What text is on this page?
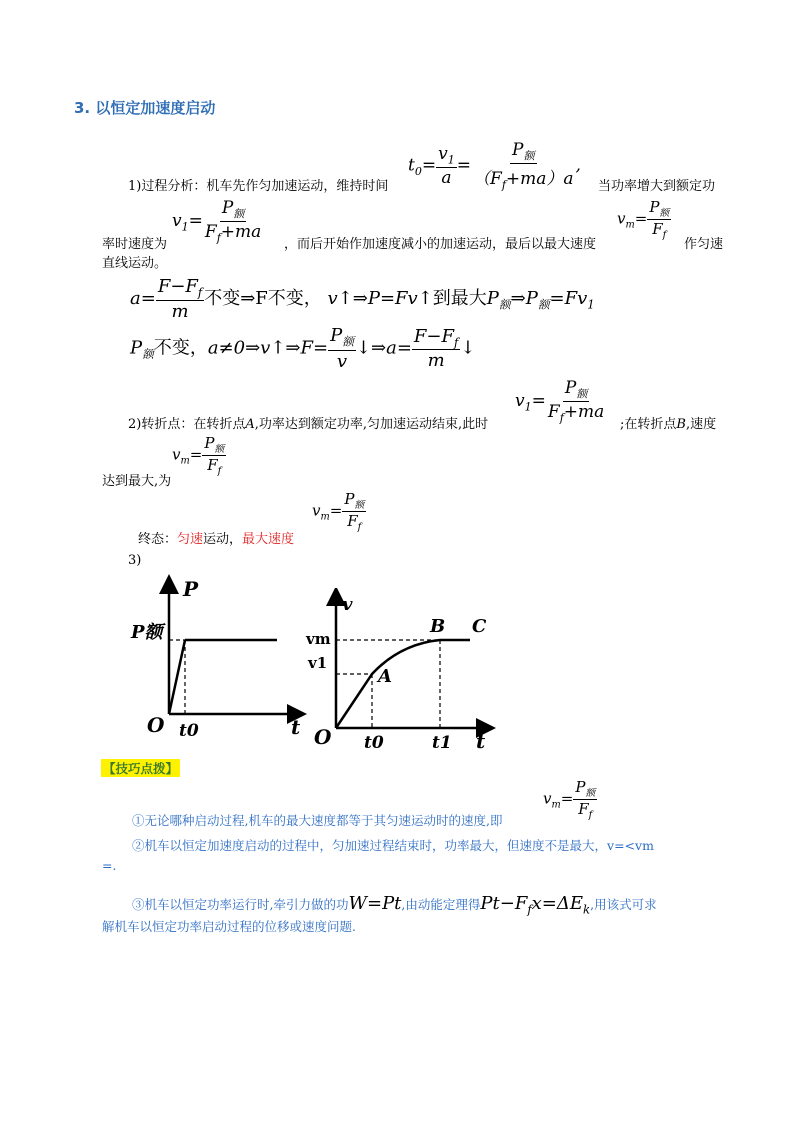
3. 以恒定加速度启动
$t_0= \frac{v_1}{a} = \frac{P_额}{(F_f+ma)a}$ ,
1)过程分析：机车先作匀加速运动，维持时间	当功率增大到额定功
$v_1= \frac{P_额}{F_f+ma}$
率时速度为	，而后开始作加速度减小的加速运动，最后以最大速度
$v_m= \frac{P_额}{F_f}$
作匀速
直线运动。
$a= \frac{F-F_f}{m}$ 不变⇒F不变， v↑⇒P=Fv↑到最大$P_额\Rightarrow P_额=Fv_1$
$P_额$不变，a≠0⇒v↑⇒F= $\frac{P_额}{v}$ ↓⇒a= $\frac{F-F_f}{m}$ ↓
$v_1= \frac{P_额}{F_f+ma}$
2)转折点：在转折点A,功率达到额定功率,匀加速运动结束,此时	;在转折点B,速度
$v_m= \frac{P_额}{F_f}$
达到最大,为
$v_m= \frac{P_额}{F_f}$
终态：匀速运动，最大速度
3)
P
P额
O t0	t
v
vm
v1
A
B C
O t0	t1 t
【技巧点拨】
$v_m= \frac{P_额}{F_f}$
①无论哪种启动过程,机车的最大速度都等于其匀速运动时的速度,即
②机车以恒定加速度启动的过程中，匀加速过程结束时，功率最大，但速度不是最大，v=<vm
=.
③机车以恒定功率运行时,牵引力做的功W=Pt,由动能定理得$Pt-F_fx=\Delta E_k$,用该式可求
解机车以恒定功率启动过程的位移或速度问题.
